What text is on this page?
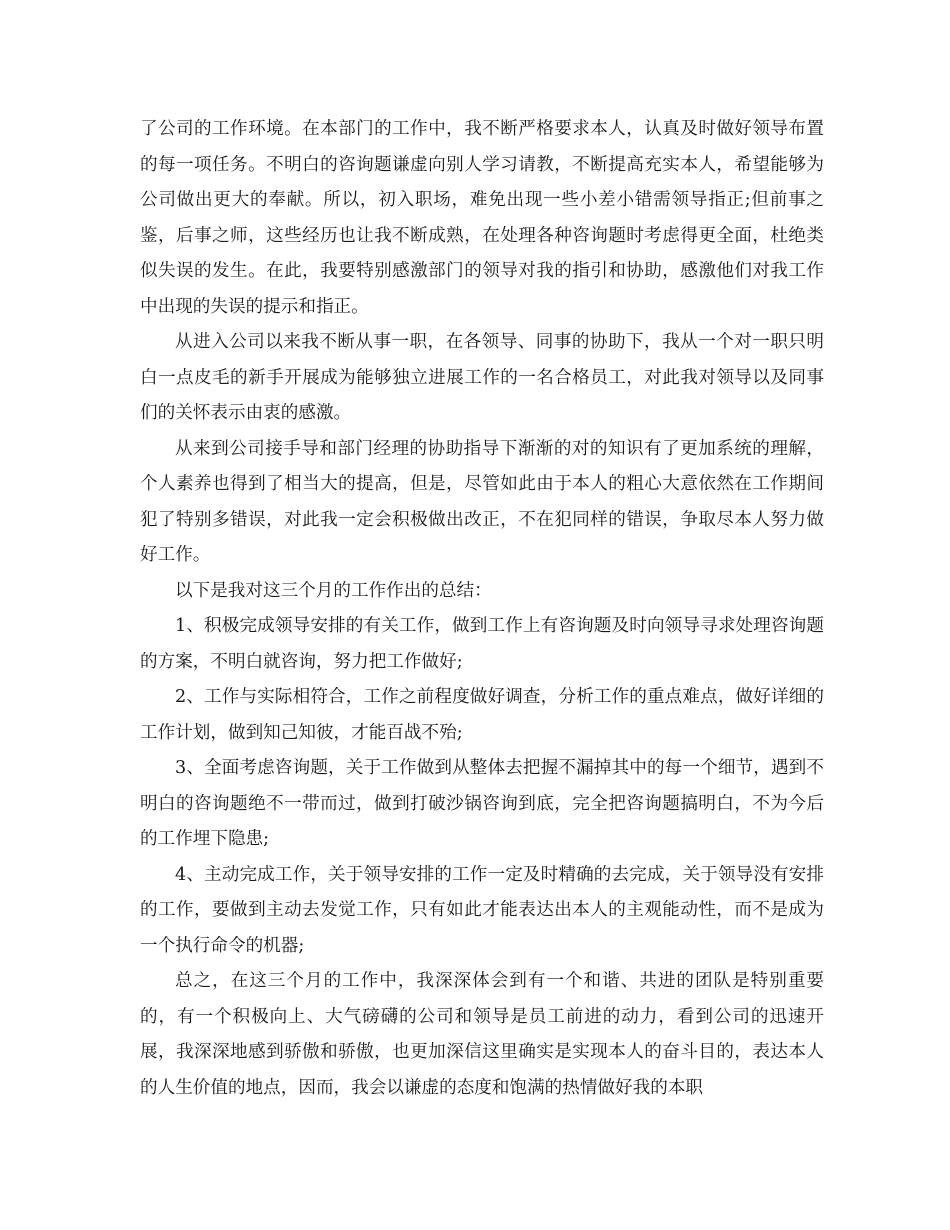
了公司的工作环境。在本部门的工作中，我不断严格要求本人，认真及时做好领导布置的每一项任务。不明白的咨询题谦虚向别人学习请教，不断提高充实本人，希望能够为公司做出更大的奉献。所以，初入职场，难免出现一些小差小错需领导指正;但前事之鉴，后事之师，这些经历也让我不断成熟，在处理各种咨询题时考虑得更全面，杜绝类似失误的发生。在此，我要特别感激部门的领导对我的指引和协助，感激他们对我工作中出现的失误的提示和指正。

从进入公司以来我不断从事一职，在各领导、同事的协助下，我从一个对一职只明白一点皮毛的新手开展成为能够独立进展工作的一名合格员工，对此我对领导以及同事们的关怀表示由衷的感激。

从来到公司接手导和部门经理的协助指导下渐渐的对的知识有了更加系统的理解，个人素养也得到了相当大的提高，但是，尽管如此由于本人的粗心大意依然在工作期间犯了特别多错误，对此我一定会积极做出改正，不在犯同样的错误，争取尽本人努力做好工作。

以下是我对这三个月的工作作出的总结：

1、积极完成领导安排的有关工作，做到工作上有咨询题及时向领导寻求处理咨询题的方案，不明白就咨询，努力把工作做好;

2、工作与实际相符合，工作之前程度做好调查，分析工作的重点难点，做好详细的工作计划，做到知己知彼，才能百战不殆;

3、全面考虑咨询题，关于工作做到从整体去把握不漏掉其中的每一个细节，遇到不明白的咨询题绝不一带而过，做到打破沙锅咨询到底，完全把咨询题搞明白，不为今后的工作埋下隐患;

4、主动完成工作，关于领导安排的工作一定及时精确的去完成，关于领导没有安排的工作，要做到主动去发觉工作，只有如此才能表达出本人的主观能动性，而不是成为一个执行命令的机器;

总之，在这三个月的工作中，我深深体会到有一个和谐、共进的团队是特别重要的，有一个积极向上、大气磅礴的公司和领导是员工前进的动力，看到公司的迅速开展，我深深地感到骄傲和骄傲，也更加深信这里确实是实现本人的奋斗目的，表达本人的人生价值的地点，因而，我会以谦虚的态度和饱满的热情做好我的本职
